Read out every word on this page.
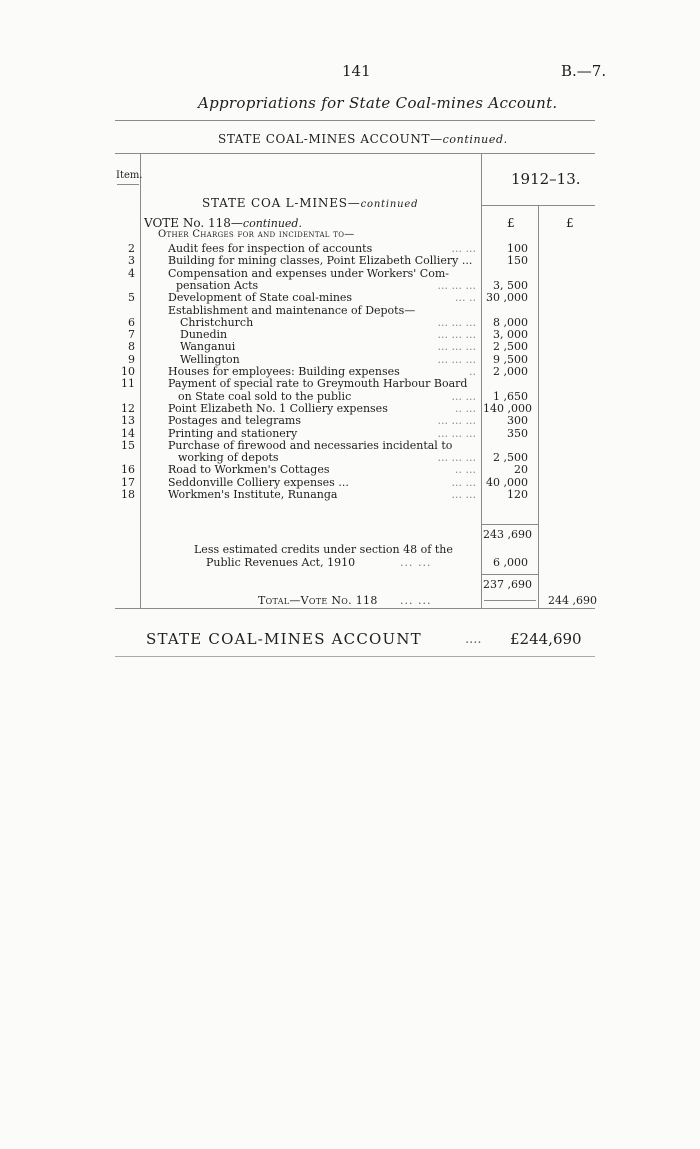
141	B.—7.
Appropriations for State Coal-mines Account.
STATE COAL-MINES ACCOUNT—continued.
Item.	1912–13.
STATE COA L-MINES—continued
VOTE No. 118—continued.	£	£
Other Charges for and incidental to—
2	Audit fees for inspection of accounts	... ...	100
3	Building for mining classes, Point Elizabeth Colliery ...	150
4	Compensation and expenses under Workers' Com-
pensation Acts	... ... ...	3, 500
5	Development of State coal-mines	... .. 30 ,000
Establishment and maintenance of Depots—
6	Christchurch	... ... ...	8 ,000
7	Dunedin	... ... ...	3, 000
8	Wanganui	... ... ...	2 ,500
9	Wellington	... ... ...	9 ,500
10	Houses for employees: Building expenses	..	2 ,000
11	Payment of special rate to Greymouth Harbour Board
on State coal sold to the public	... ...	1 ,650
12	Point Elizabeth No. 1 Colliery expenses	.. ... 140 ,000
13	Postages and telegrams	... ... ...	300
14	Printing and stationery	... ... ...	350
15	Purchase of firewood and necessaries incidental to
working of depots	... ... ...	2 ,500
16	Road to Workmen's Cottages	.. ...	20
17	Seddonville Colliery expenses ...	... ... 40 ,000
18	Workmen's Institute, Runanga	... ...	120
243 ,690
Less estimated credits under section 48 of the
Public Revenues Act, 1910	... ...	6 ,000
237 ,690
Total—Vote No. 118 ... ...	244 ,690
STATE COAL-MINES ACCOUNT	.... £244,690
